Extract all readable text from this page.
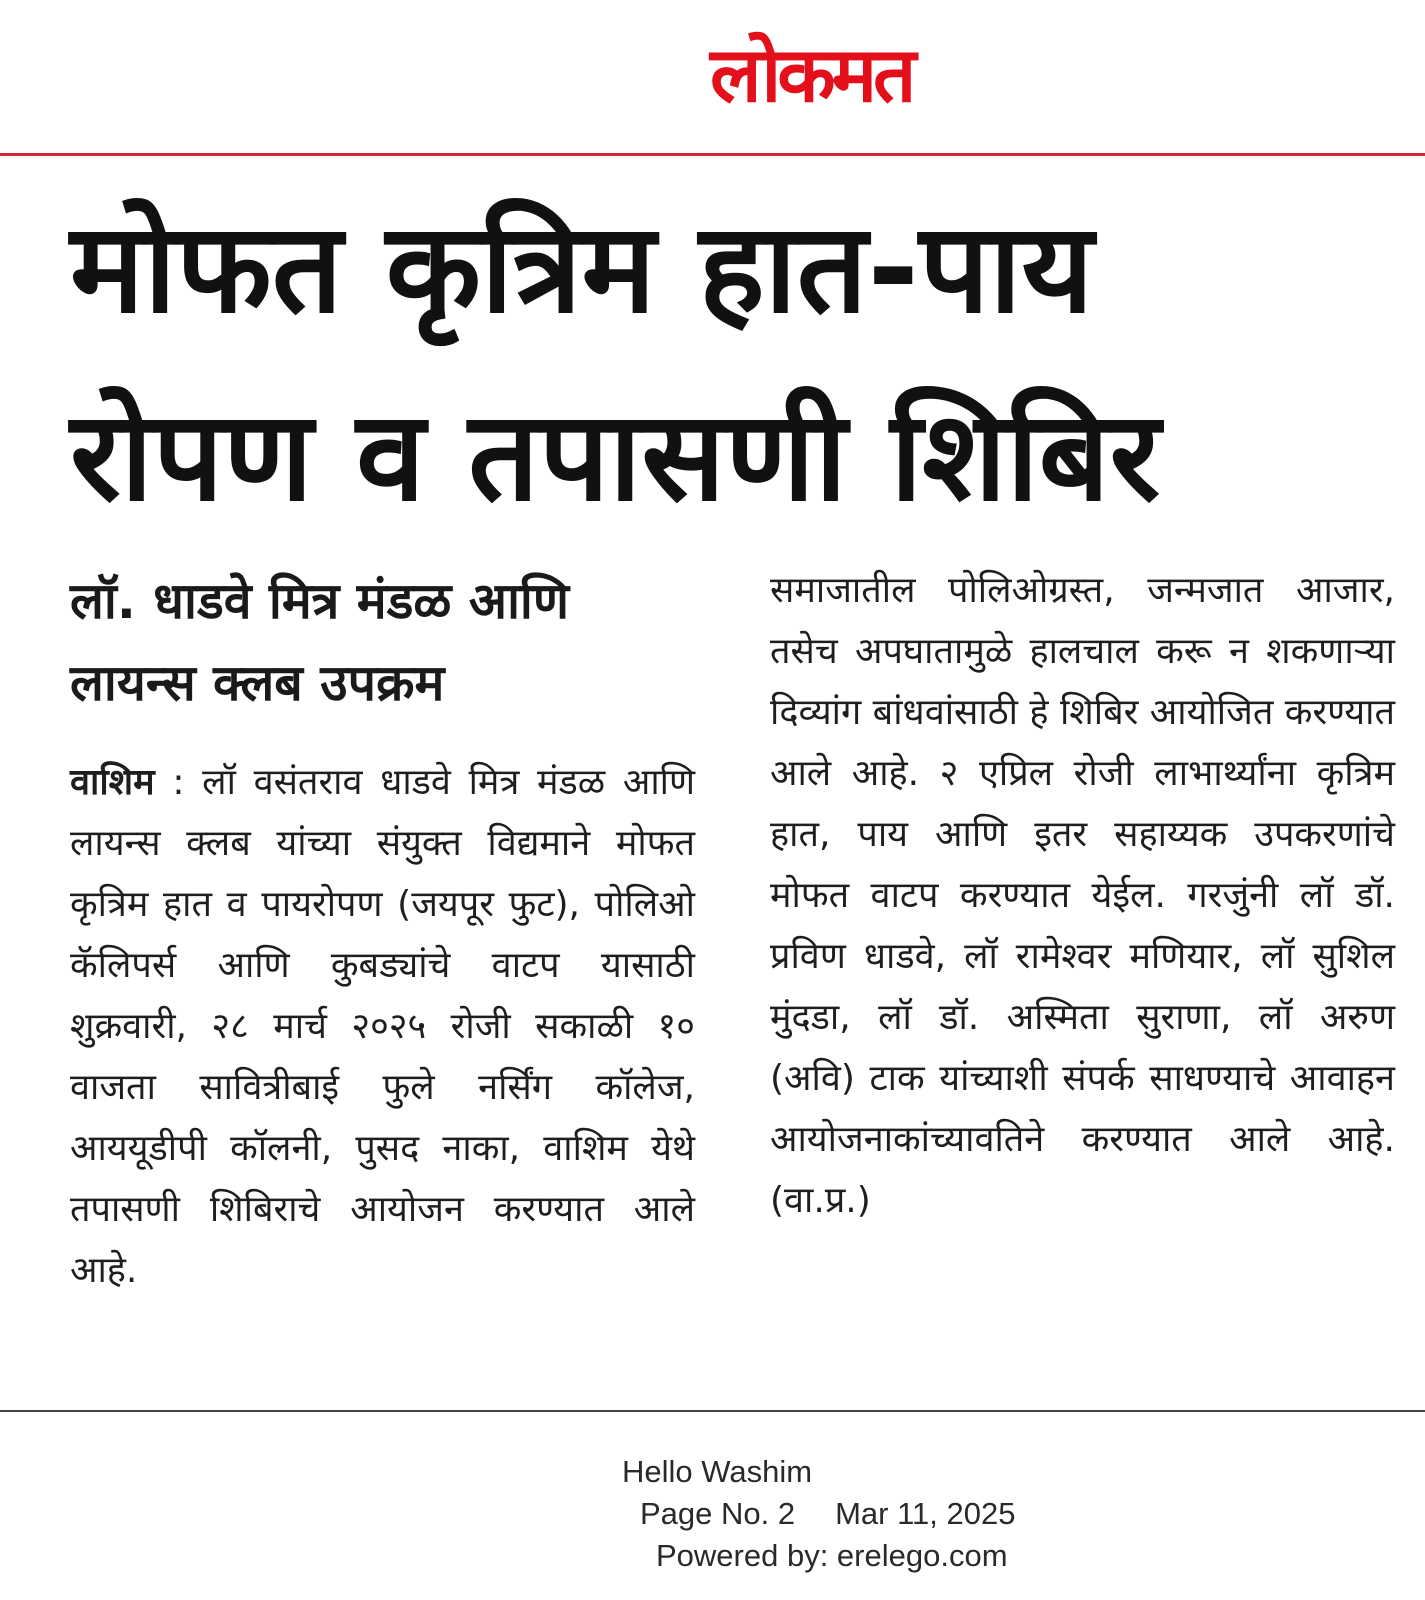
लोकमत
मोफत कृत्रिम हात-पाय
रोपण व तपासणी शिबिर
लॉ. धाडवे मित्र मंडळ आणि
लायन्स क्लब उपक्रम

वाशिम : लॉ वसंतराव धाडवे मित्र मंडळ आणि लायन्स क्लब यांच्या संयुक्त विद्यमाने मोफत कृत्रिम हात व पायरोपण (जयपूर फुट), पोलिओ कॅलिपर्स आणि कुबड्यांचे वाटप यासाठी शुक्रवारी, २८ मार्च २०२५ रोजी सकाळी १० वाजता सावित्रीबाई फुले नर्सिंग कॉलेज, आययूडीपी कॉलनी, पुसद नाका, वाशिम येथे तपासणी शिबिराचे आयोजन करण्यात आले आहे.

समाजातील पोलिओग्रस्त, जन्मजात आजार, तसेच अपघातामुळे हालचाल करू न शकणाऱ्या दिव्यांग बांधवांसाठी हे शिबिर आयोजित करण्यात आले आहे. २ एप्रिल रोजी लाभार्थ्यांना कृत्रिम हात, पाय आणि इतर सहाय्यक उपकरणांचे मोफत वाटप करण्यात येईल. गरजुंनी लॉ डॉ. प्रविण धाडवे, लॉ रामेश्वर मणियार, लॉ सुशिल मुंदडा, लॉ डॉ. अस्मिता सुराणा, लॉ अरुण (अवि) टाक यांच्याशी संपर्क साधण्याचे आवाहन आयोजनाकांच्यावतिने करण्यात आले आहे. (वा.प्र.)

Hello Washim
Page No. 2 Mar 11, 2025
Powered by: erelego.com
